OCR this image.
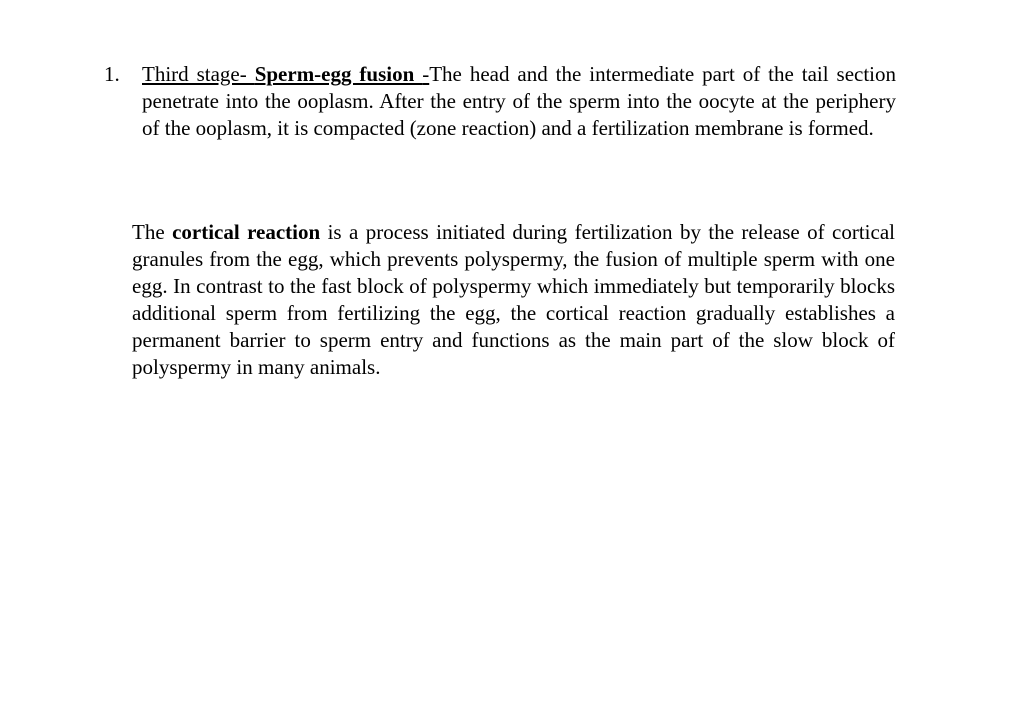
1.	Third stage- Sperm-egg fusion -The head and the intermediate part of the tail section penetrate into the ooplasm. After the entry of the sperm into the oocyte at the periphery of the ooplasm, it is compacted (zone reaction) and a fertilization membrane is formed.
The cortical reaction is a process initiated during fertilization by the release of cortical granules from the egg, which prevents polyspermy, the fusion of multiple sperm with one egg. In contrast to the fast block of polyspermy which immediately but temporarily blocks additional sperm from fertilizing the egg, the cortical reaction gradually establishes a permanent barrier to sperm entry and functions as the main part of the slow block of polyspermy in many animals.
